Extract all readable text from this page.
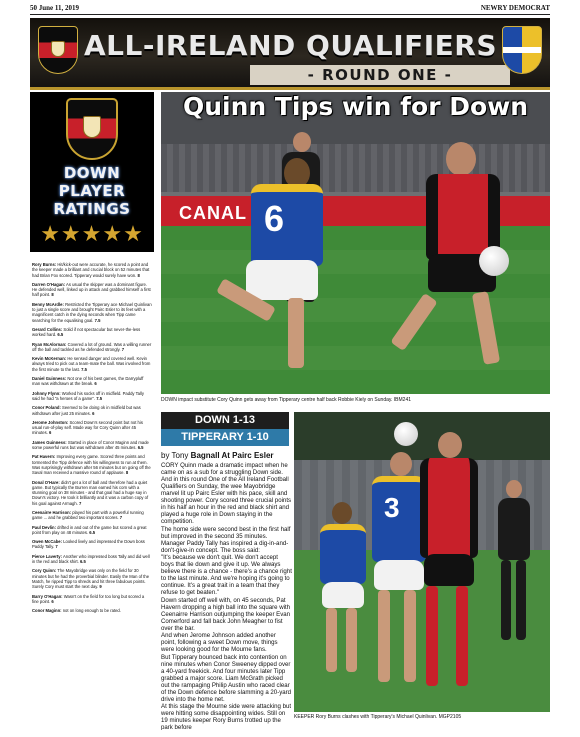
50 June 11, 2019	NEWRY DEMOCRAT
ALL-IRELAND QUALIFIERS
- ROUND ONE -
DOWN
PLAYER
RATINGS
★★★★★
Rory Burns: Hit/kick-out were accurate, he scored a point and the keeper made a brilliant and crucial block on 52 minutes that had Brian Fox scored. Tipperary would surely have won. 8
Darren O'Hagan: As usual the skipper was a dominant figure. He defended well, linked up in attack and grabbed himself a first half point. 8
Benny McArdle: Restricted the Tipperary ace Michael Quinlivan to just a single score and brought Pairc Esler to its feet with a magnificent catch in the dying seconds when Tipp came searching for the equalising goal. 7.5
Gerard Collins: Solid if not spectacular but never-the-less worked hard. 6.5
Ryan McAlornan: Covered a lot of ground. Was a willing runner off the ball and tackled as he defended strongly. 7
Kevin McKernan: He sensed danger and covered well. Kevin always tried to pick out a team-mate the ball. Was involved from the first minute to the last. 7.5
Daniel Guinness: Not one of his best games, the Darrypluff man was withdrawn at the break. 6
Johnny Flynn: Worked his socks off in midfield. Paddy Tally said he had "a heroes of a game". 7.5
Conor Poland: Seemed to be doing ok in midfield but was withdrawn after just 25 minutes. 6
Jerome Johnston: Scored Down's second point but not his usual run-of-play self. Made way for Cory Quinn after 45 minutes. 6
James Guinness: Started in place of Conor Maginn and made some powerful runs but was withdrawn after 45 minutes. 6.5
Pat Havern: Improving every game. Scored three points and tormented the Tipp defence with his willingness to run at them. Was surprisingly withdrawn after 56 minutes but on going off the Saval man received a massive round of applause. 8
Donal O'Hare: didn't get a lot of ball and therefore had a quiet game. But typically the Burren man earned his corn with a stunning goal on 38 minutes - and that goal had a huge say in Down's victory. He took it brilliantly and it was a carbon copy of his goal against Armagh. 7
Ceenairre Harrison: played his part with a powerful running game ... and he grabbed two important scores. 7
Paul Devlin: drifted in and out of the game but scored a great point from play on 48 minutes. 6.5
Owen McCabe: Looked lively and impressed the Down boss Paddy Tally. 7
Pierce Laverty: Another who impressed boss Tally and did well in the red and black shirt. 6.5
Cory Quinn: The Mayobridge was only on the field for 30 minutes but he had the proverbial blinder. Easily the Man of the Match, he ripped Tipp to shreds and hit three fabulous points. Surely Cory must start the next day. 9
Barry O'Hagan: Wasn't on the field for too long but scored a fine point. 6
Conor Maginn: not on long enough to be rated.
CANAL 6
Quinn Tips win for Down
DOWN impact substitute Cory Quinn gets away from Tipperary centre half back Robbie Kiely on Sunday. IBM241
DOWN 1-13
TIPPERARY 1-10
by Tony Bagnall At Pairc Esler

CORY Quinn made a dramatic impact when he came on as a sub for a struggling Down side. And in this round One of the All Ireland Football Qualifiers on Sunday, the wee Mayobridge marvel lit up Pairc Esler with his pace, skill and shooting power. Cory scored three crucial points in his half an hour in the red and black shirt and played a huge role in Down staying in the competition.

The home side were second best in the first half but improved in the second 35 minutes. Manager Paddy Tally has inspired a dig-in-and-don't-give-in concept. The boss said:

"It's because we don't quit. We don't accept boys that lie down and give it up. We always believe there is a chance - there's a chance right to the last minute. And we're hoping it's going to continue. It's a great trait in a team that they refuse to get beaten."

Down started off well with, on 45 seconds, Pat Havern dropping a high ball into the square with Ceenairre Harrison outjumping the keeper Evan Comerford and fall back John Meagher to fist over the bar.

And when Jerome Johnson added another point, following a sweet Down move, things were looking good for the Mourne fans.

But Tipperary bounced back into contention on nine minutes when Conor Sweeney dipped over a 40-yard freekick. And four minutes later Tipp grabbed a major score. Liam McGrath picked out the rampaging Philip Austin who raced clear of the Down defence before slamming a 20-yard drive into the home net.

At this stage the Mourne side were attacking but were hitting some disappointing wides. Still on 19 minutes keeper Rory Burns trotted up the park before

3
KEEPER Rory Burns clashes with Tipperary's Michael Quinlivan. MGP2105
